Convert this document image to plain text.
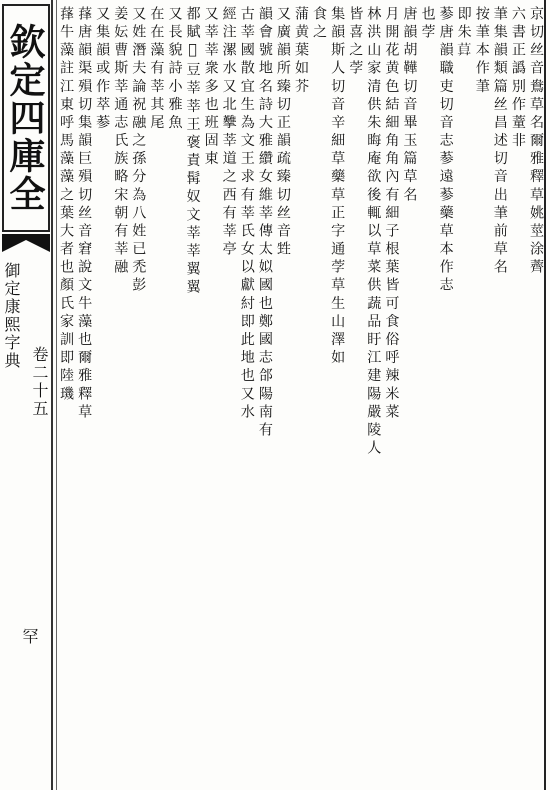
欽定四庫全
御定康熙字典
卷二十五
罕
京切丝音鴦草名爾雅釋草姚莖涂薺
六書正譌別作蕫非
茟集韻類篇丝昌述切音出茟前草名
按茟本作茟
即朱𦱤
𦲞唐韻職吏切音志𦲞遠𦲞藥草本作志
也茡
唐韻胡鞾切音畢玉篇草名
月開花黄色結細角角內有細子根葉皆可食俗呼辣米菜
林洪山家清供朱晦庵欲後輒以草菜供蔬品盱江建陽嚴陵人
皆喜之茡
集韻斯人切音辛細草藥草正字通茡草生山澤如
食之
蒲黄葉如芥
又廣韻所臻切正韻疏臻切丝音甡
韻會號地名詩大雅纘女維莘傳太姒國也鄭國志郃陽南有
古莘國散宜生為文王求有莘氏女以獻紂即此地也又水
經注漯水又北𢺋莘道之西有莘亭
又莘莘衆多也班固東
都賦𦚆豆莘莘王褒責髯奴文莘莘翼翼
又長貌詩小雅魚
在在藻有莘其尾
又姓潛夫論祝融之孫分為八姓已禿彭
姜妘曹斯莘通志氏族略宋朝有莘融
又集韻或作萃𦲞
萚唐韻渠殞切集韻巨殞切丝音窘說文牛藻也爾雅釋草
萚牛藻註江東呼馬藻藻之葉大者也顏氏家訓即陸璣
